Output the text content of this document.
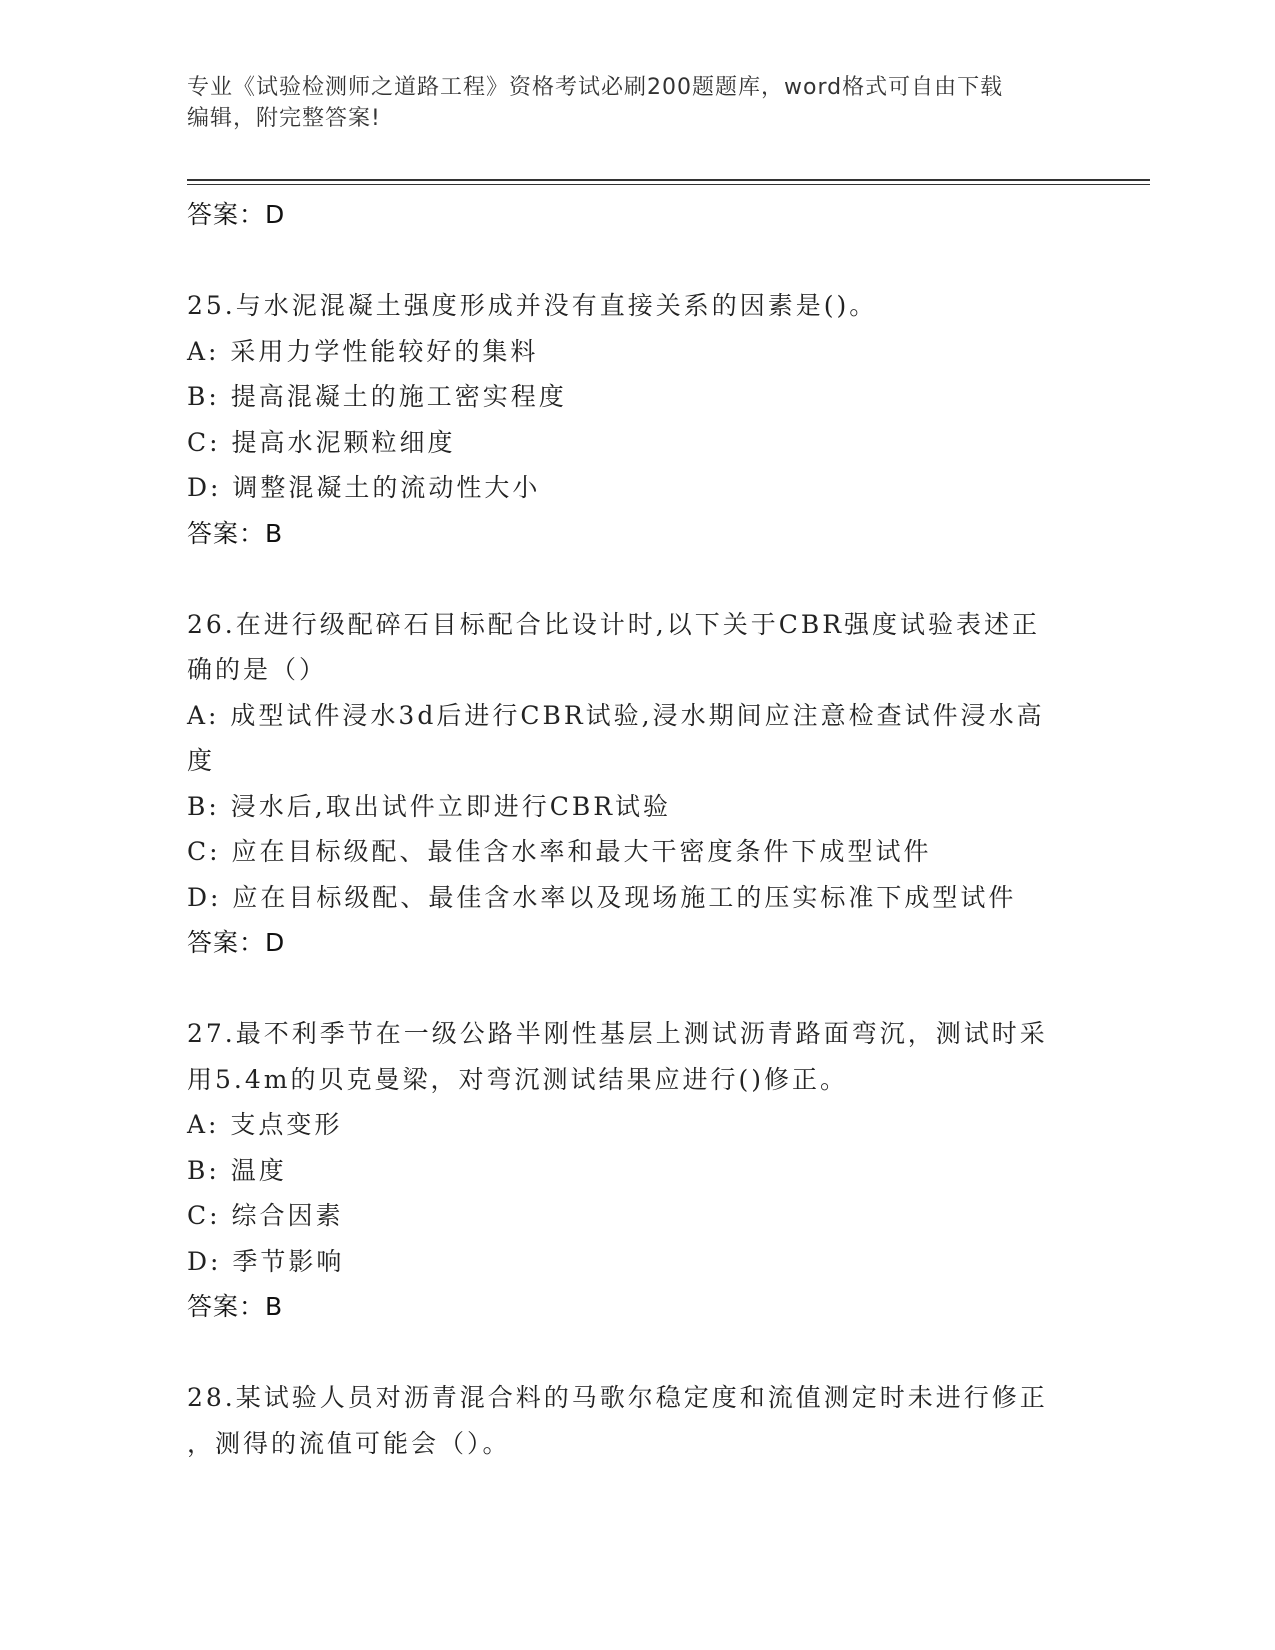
专业《试验检测师之道路工程》资格考试必刷200题题库，word格式可自由下载
编辑，附完整答案!
答案：D
25.与水泥混凝土强度形成并没有直接关系的因素是()。
A: 采用力学性能较好的集料
B: 提高混凝土的施工密实程度
C: 提高水泥颗粒细度
D: 调整混凝土的流动性大小
答案：B
26.在进行级配碎石目标配合比设计时,以下关于CBR强度试验表述正
确的是（）
A: 成型试件浸水3d后进行CBR试验,浸水期间应注意检查试件浸水高
度
B: 浸水后,取出试件立即进行CBR试验
C: 应在目标级配、最佳含水率和最大干密度条件下成型试件
D: 应在目标级配、最佳含水率以及现场施工的压实标准下成型试件
答案：D
27.最不利季节在一级公路半刚性基层上测试沥青路面弯沉，测试时采
用5.4m的贝克曼梁，对弯沉测试结果应进行()修正。
A: 支点变形
B: 温度
C: 综合因素
D: 季节影响
答案：B
28.某试验人员对沥青混合料的马歌尔稳定度和流值测定时未进行修正
，测得的流值可能会（）。
